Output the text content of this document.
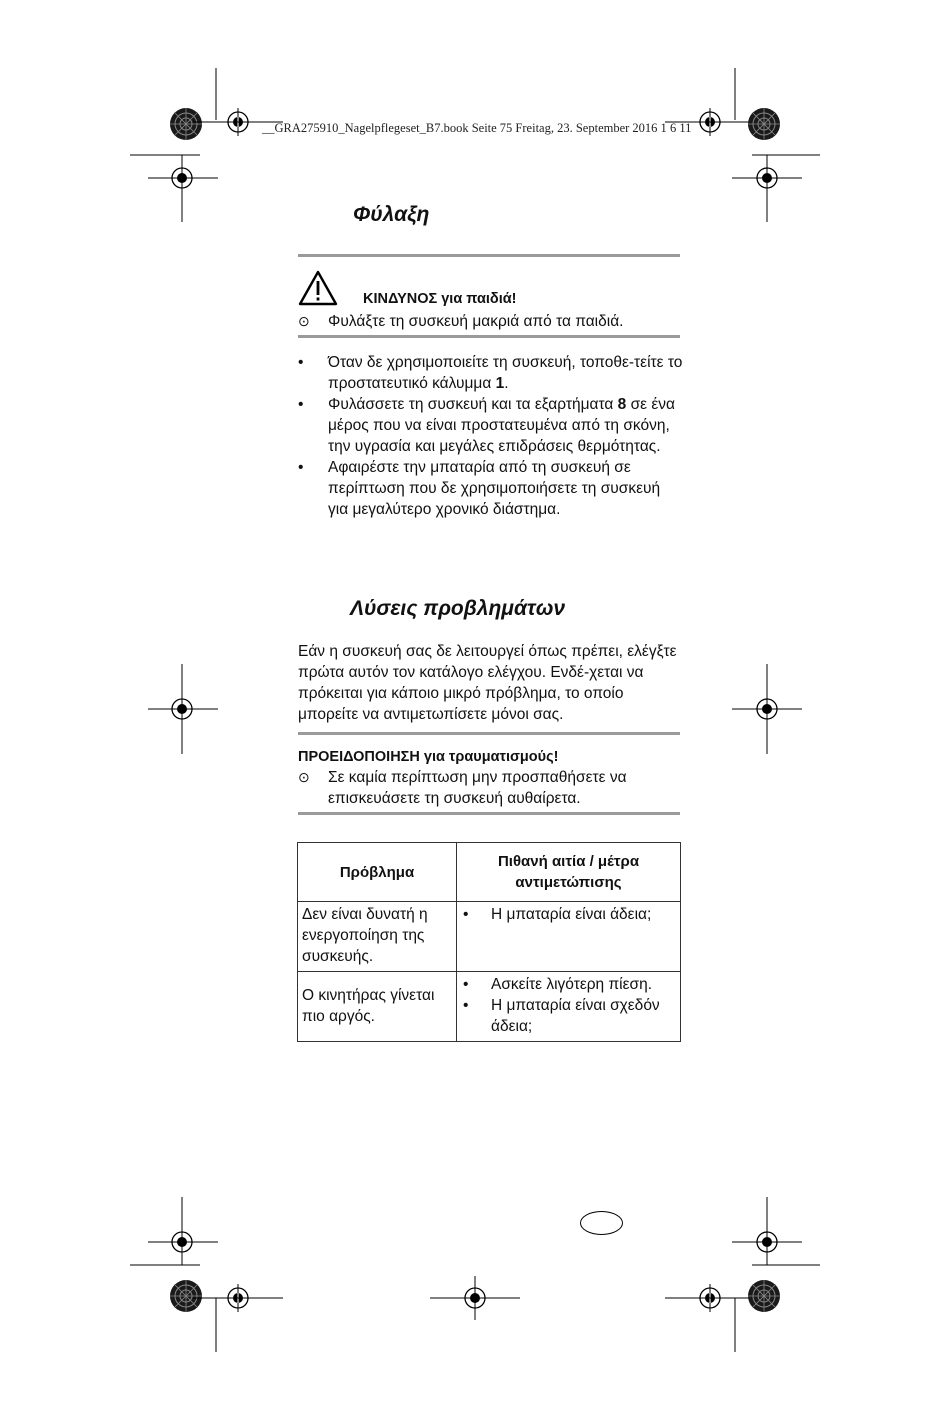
__GRA275910_Nagelpflegeset_B7.book Seite 75 Freitag, 23. September 2016 1 6 11
Φύλαξη
ΚΙΝΔΥΝΟΣ για παιδιά!
⊙ Φυλάξτε τη συσκευή μακριά από τα παιδιά.
•	Όταν δε χρησιμοποιείτε τη συσκευή, τοποθε-τείτε το προστατευτικό κάλυμμα 1.
•	Φυλάσσετε τη συσκευή και τα εξαρτήματα 8 σε ένα μέρος που να είναι προστατευμένα από τη σκόνη, την υγρασία και μεγάλες επιδράσεις θερμότητας.
•	Αφαιρέστε την μπαταρία από τη συσκευή σε περίπτωση που δε χρησιμοποιήσετε τη συσκευή για μεγαλύτερο χρονικό διάστημα.
Λύσεις προβλημάτων
Εάν η συσκευή σας δε λειτουργεί όπως πρέπει, ελέγξτε πρώτα αυτόν τον κατάλογο ελέγχου. Ενδέ-χεται να πρόκειται για κάποιο μικρό πρόβλημα, το οποίο μπορείτε να αντιμετωπίσετε μόνοι σας.
ΠΡΟΕΙΔΟΠΟΙΗΣΗ για τραυματισμούς!
⊙	Σε καμία περίπτωση μην προσπαθήσετε να επισκευάσετε τη συσκευή αυθαίρετα.
Πρόβλημα	Πιθανή αιτία / μέτρα αντιμετώπισης
Δεν είναι δυνατή η ενεργοποίηση της συσκευής.	• Η μπαταρία είναι άδεια;

Ο κινητήρας γίνεται πιο αργός.	• Ασκείτε λιγότερη πίεση.
• Η μπαταρία είναι σχεδόν άδεια;
